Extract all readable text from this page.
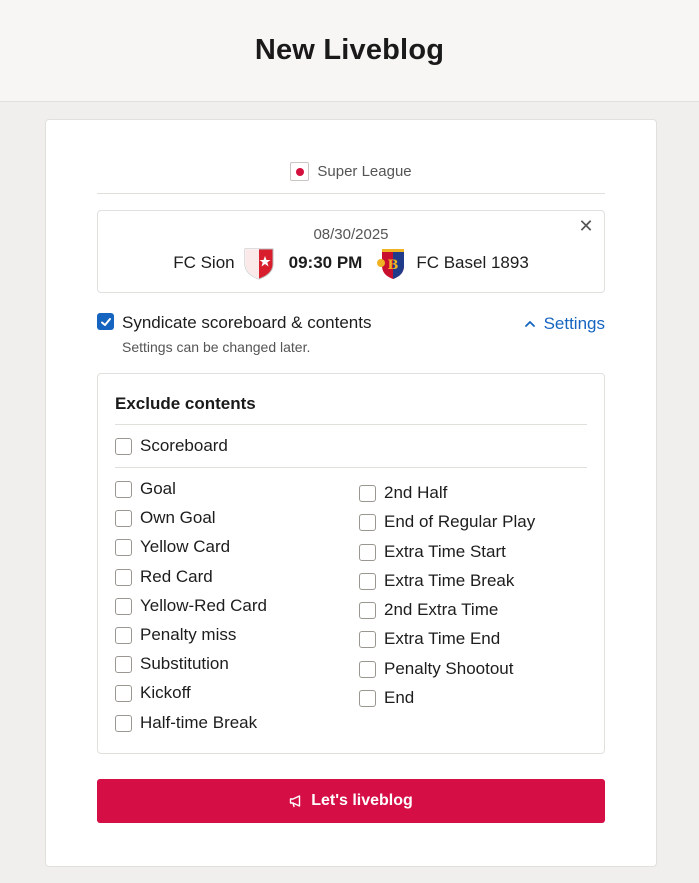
New Liveblog
Super League
08/30/2025	✕
FC Sion	09:30 PM B FC Basel 1893
Syndicate scoreboard & contents
Settings can be changed later.
Settings
Exclude contents
Scoreboard
Goal
Own Goal
Yellow Card
Red Card
Yellow-Red Card
Penalty miss
Substitution
Kickoff
Half-time Break
2nd Half
End of Regular Play
Extra Time Start
Extra Time Break
2nd Extra Time
Extra Time End
Penalty Shootout
End
Let's liveblog
